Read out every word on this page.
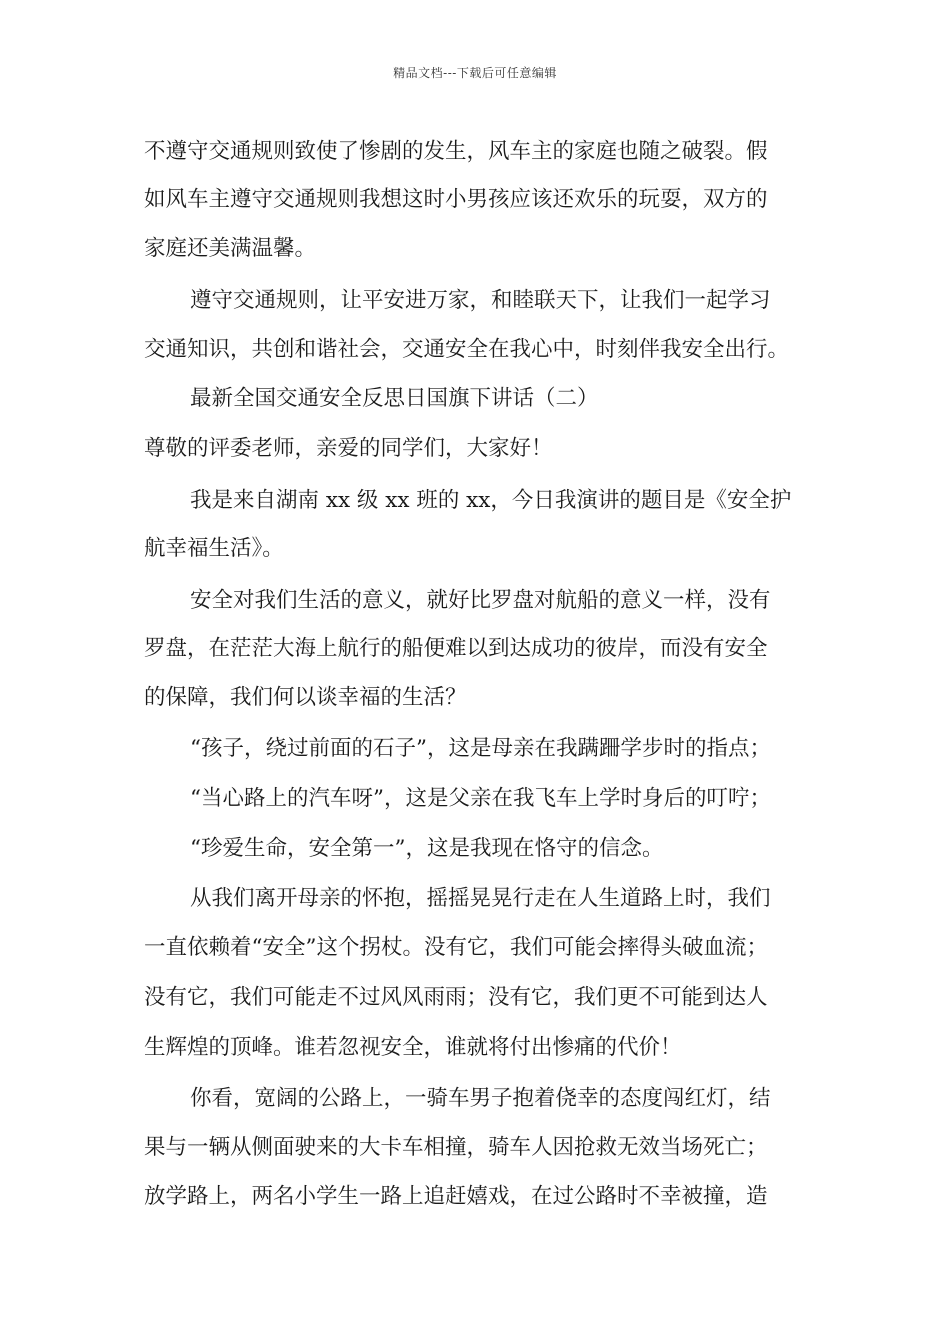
精品文档---下载后可任意编辑
不遵守交通规则致使了惨剧的发生，风车主的家庭也随之破裂。假
如风车主遵守交通规则我想这时小男孩应该还欢乐的玩耍，双方的
家庭还美满温馨。
遵守交通规则，让平安进万家，和睦联天下，让我们一起学习
交通知识，共创和谐社会，交通安全在我心中，时刻伴我安全出行。
最新全国交通安全反思日国旗下讲话（二）
尊敬的评委老师，亲爱的同学们，大家好！
我是来自湖南 xx 级 xx 班的 xx，今日我演讲的题目是《安全护
航幸福生活》。
安全对我们生活的意义，就好比罗盘对航船的意义一样，没有
罗盘，在茫茫大海上航行的船便难以到达成功的彼岸，而没有安全
的保障，我们何以谈幸福的生活？
“孩子，绕过前面的石子”，这是母亲在我蹒跚学步时的指点；
“当心路上的汽车呀”，这是父亲在我飞车上学时身后的叮咛；
“珍爱生命，安全第一”，这是我现在恪守的信念。
从我们离开母亲的怀抱，摇摇晃晃行走在人生道路上时，我们
一直依赖着“安全”这个拐杖。没有它，我们可能会摔得头破血流；
没有它，我们可能走不过风风雨雨；没有它，我们更不可能到达人
生辉煌的顶峰。谁若忽视安全，谁就将付出惨痛的代价！
你看，宽阔的公路上，一骑车男子抱着侥幸的态度闯红灯，结
果与一辆从侧面驶来的大卡车相撞，骑车人因抢救无效当场死亡；
放学路上，两名小学生一路上追赶嬉戏，在过公路时不幸被撞，造
